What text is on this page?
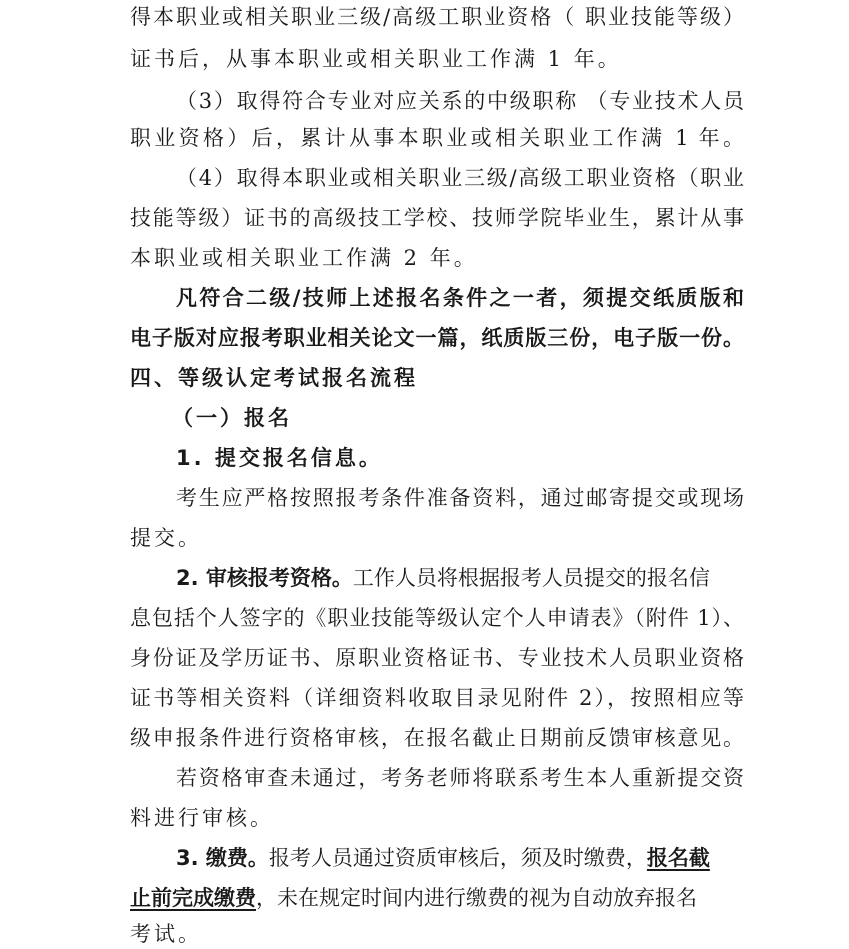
得本职业或相关职业三级/高级工职业资格（ 职业技能等级）
证书后，从事本职业或相关职业工作满 1 年。
（3）取得符合专业对应关系的中级职称 （专业技术人员
职业资格）后，累计从事本职业或相关职业工作满 1 年。
（4）取得本职业或相关职业三级/高级工职业资格（职业
技能等级）证书的高级技工学校、技师学院毕业生，累计从事
本职业或相关职业工作满 2 年。
凡符合二级/技师上述报名条件之一者，须提交纸质版和
电子版对应报考职业相关论文一篇，纸质版三份，电子版一份。
四、等级认定考试报名流程
（一）报名
1. 提交报名信息。
考生应严格按照报考条件准备资料，通过邮寄提交或现场
提交。
2. 审核报考资格。工作人员将根据报考人员提交的报名信
息包括个人签字的《职业技能等级认定个人申请表》（附件 1）、
身份证及学历证书、原职业资格证书、专业技术人员职业资格
证书等相关资料（详细资料收取目录见附件 2），按照相应等
级申报条件进行资格审核，在报名截止日期前反馈审核意见。
若资格审查未通过，考务老师将联系考生本人重新提交资
料进行审核。
3. 缴费。报考人员通过资质审核后，须及时缴费，报名截
止前完成缴费，未在规定时间内进行缴费的视为自动放弃报名
考试。
